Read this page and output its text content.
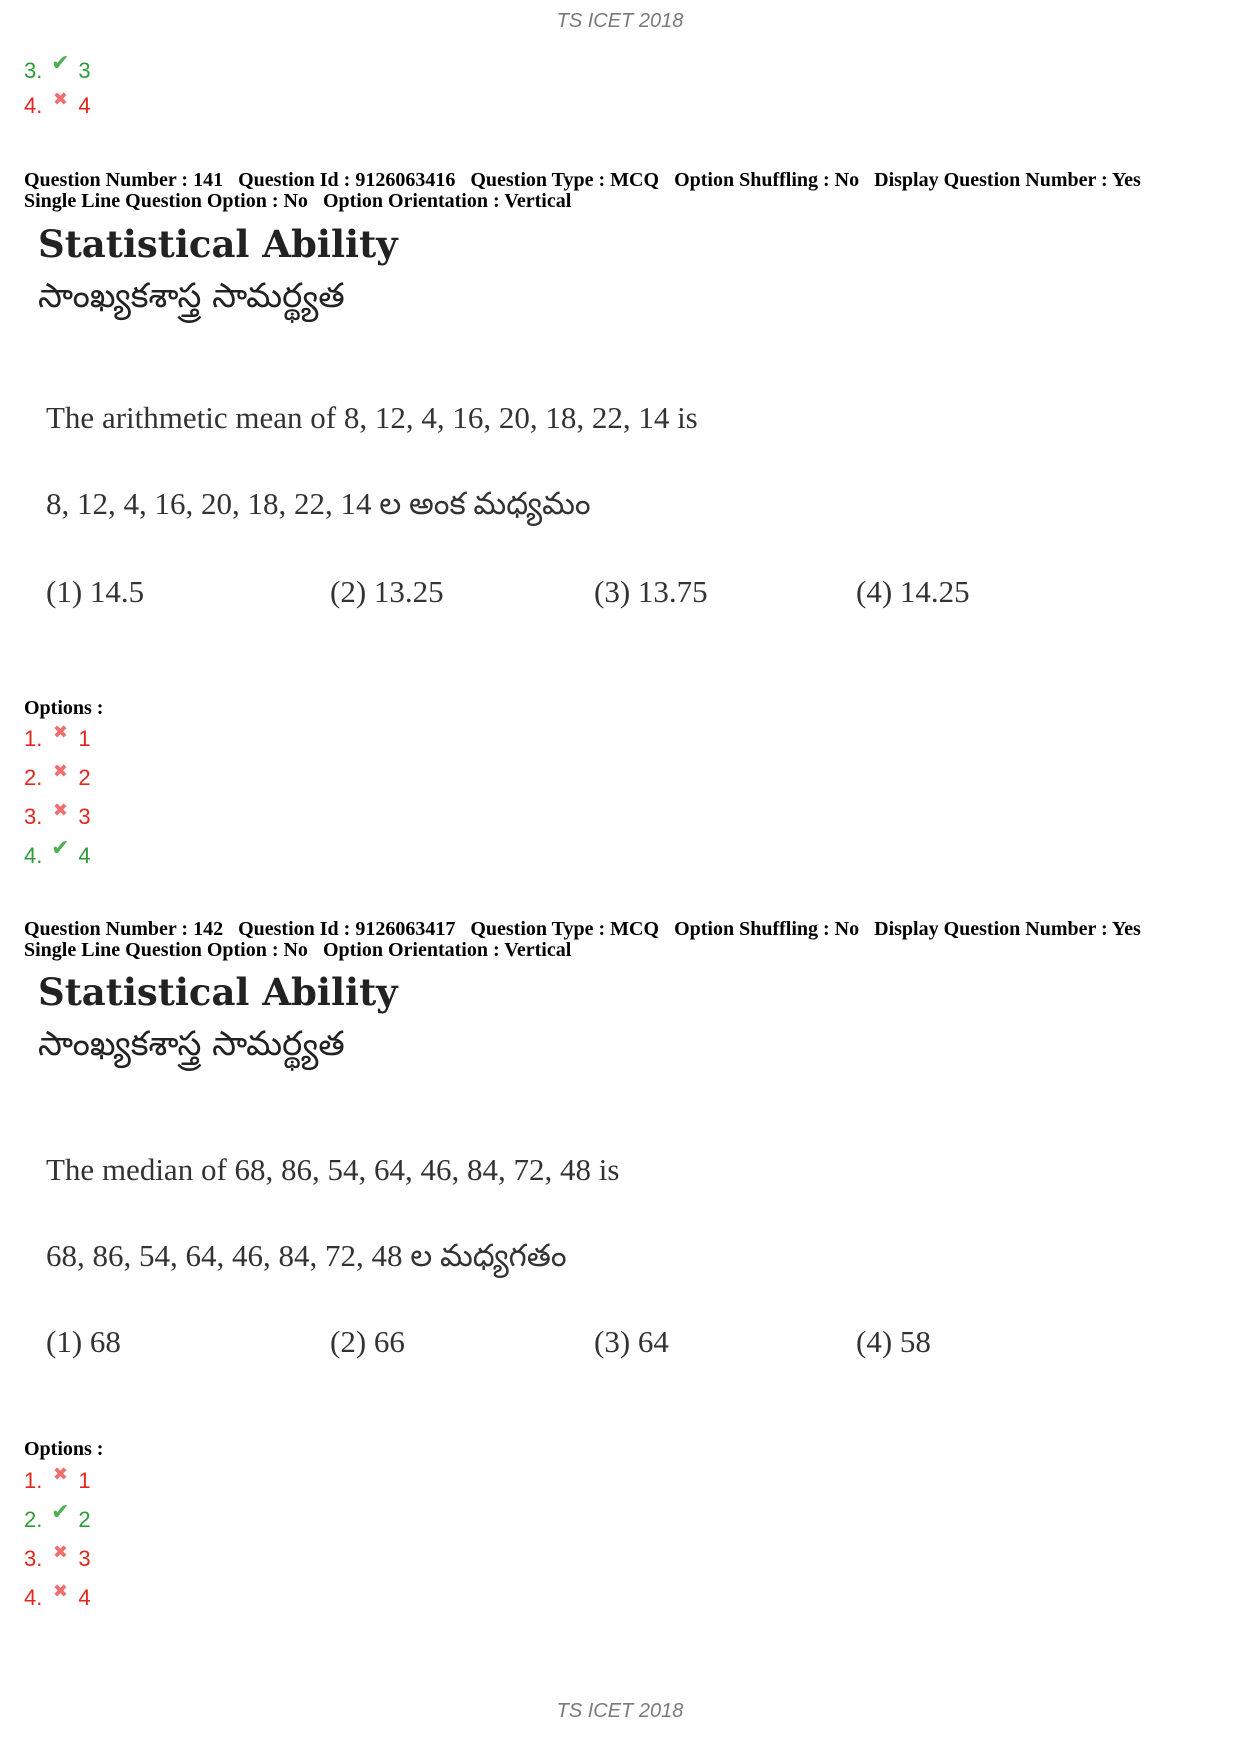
TS ICET 2018
3. ✔ 3
4. ✖ 4
Question Number : 141 Question Id : 9126063416 Question Type : MCQ Option Shuffling : No Display Question Number : Yes
Single Line Question Option : No Option Orientation : Vertical
Statistical Ability
సాంఖ్యకశాస్త్ర సామర్థ్యత
The arithmetic mean of 8, 12, 4, 16, 20, 18, 22, 14 is
8, 12, 4, 16, 20, 18, 22, 14 ల అంక మధ్యమం
(1) 14.5	(2) 13.25	(3) 13.75	(4) 14.25
Options :
1. ✖ 1
2. ✖ 2
3. ✖ 3
4. ✔ 4
Question Number : 142 Question Id : 9126063417 Question Type : MCQ Option Shuffling : No Display Question Number : Yes
Single Line Question Option : No Option Orientation : Vertical
Statistical Ability
సాంఖ్యకశాస్త్ర సామర్థ్యత
The median of 68, 86, 54, 64, 46, 84, 72, 48 is
68, 86, 54, 64, 46, 84, 72, 48 ల మధ్యగతం
(1) 68	(2) 66	(3) 64	(4) 58
Options :
1. ✖ 1
2. ✔ 2
3. ✖ 3
4. ✖ 4
TS ICET 2018
